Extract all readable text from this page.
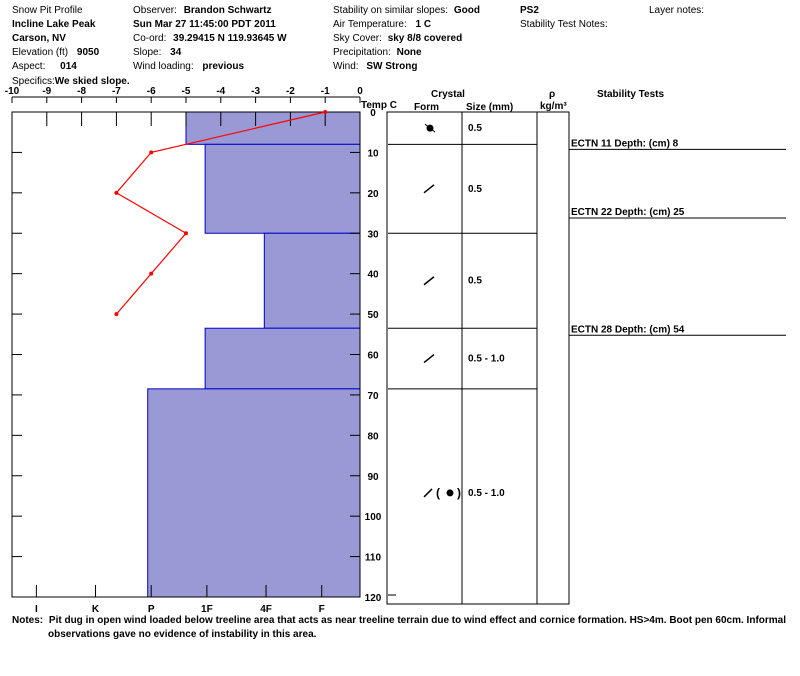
Snow Pit Profile
Incline Lake Peak
Carson, NV
Elevation (ft) 9050
Aspect: 014
Specifics:We skied slope.
Observer: Brandon Schwartz
Sun Mar 27 11:45:00 PDT 2011
Co-ord: 39.29415 N 119.93645 W
Slope: 34
Wind loading: previous
Stability on similar slopes: Good
Air Temperature: 1 C
Sky Cover: sky 8/8 covered
Precipitation: None
Wind: SW Strong
PS2
Stability Test Notes:
Layer notes:
Temp C
Crystal
Form	Size (mm)
ρ
kg/m³
Stability Tests
-10 -9	-8	-7	-6	-5	-4	-3	-2	-1	0
I	K	P	1F	4F	F
0
10
20
30
40
50
60
70
80
90
100
110
120
0.5
0.5
0.5
0.5 - 1.0
0.5 - 1.0
( )
ECTN 11 Depth: (cm) 8
ECTN 22 Depth: (cm) 25
ECTN 28 Depth: (cm) 54
Notes: Pit dug in open wind loaded below treeline area that acts as near treeline terrain due to wind effect and cornice formation. HS>4m. Boot pen 60cm. Informal
observations gave no evidence of instability in this area.
